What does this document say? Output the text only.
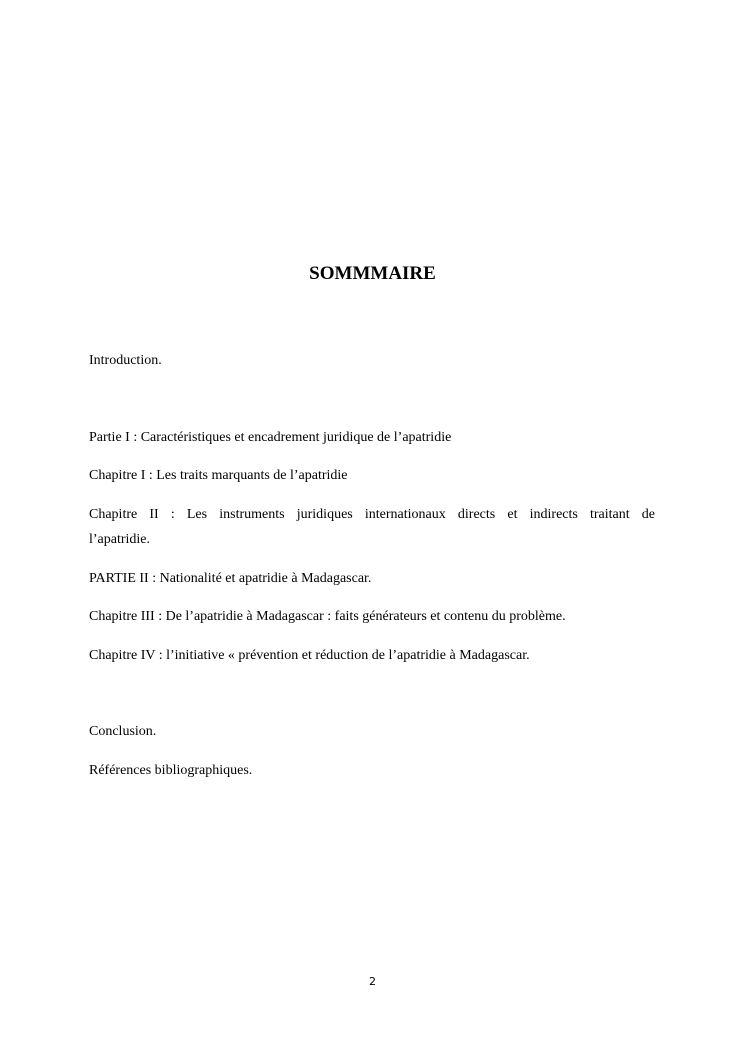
SOMMMAIRE
Introduction.
Partie I : Caractéristiques et encadrement juridique de l’apatridie
Chapitre I : Les traits marquants de l’apatridie
Chapitre II : Les instruments juridiques internationaux directs et indirects traitant de
l’apatridie.
PARTIE II : Nationalité et apatridie à Madagascar.
Chapitre III : De l’apatridie à Madagascar : faits générateurs et contenu du problème.
Chapitre IV : l’initiative « prévention et réduction de l’apatridie à Madagascar.
Conclusion.
Références bibliographiques.
2
